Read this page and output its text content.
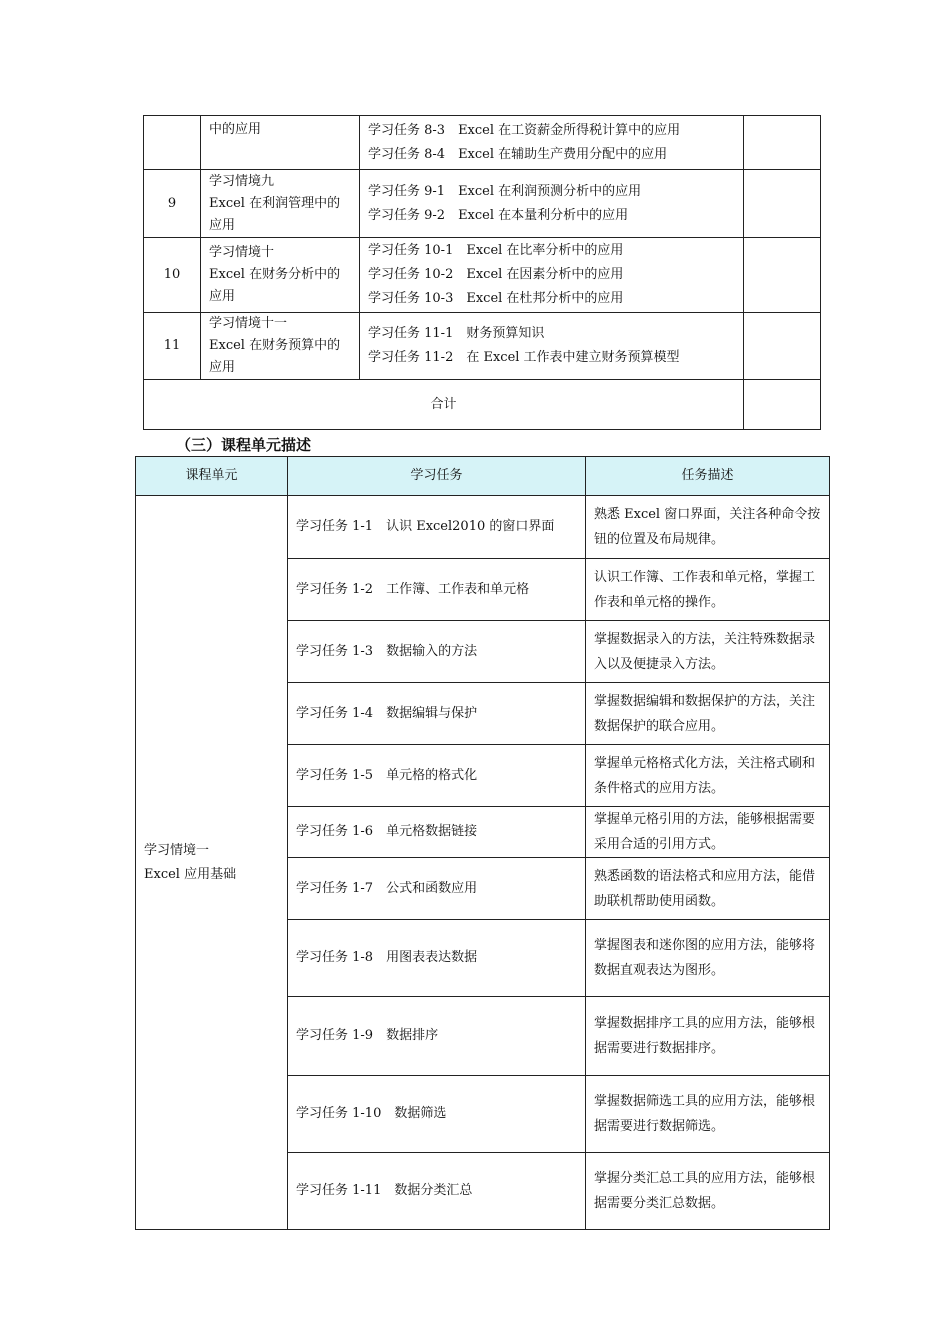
	中的应用	学习任务 8-3　Excel 在工资薪金所得税计算中的应用
学习任务 8-4　Excel 在辅助生产费用分配中的应用	

9	学习情境九
Excel 在利润管理中的
应用	学习任务 9-1　Excel 在利润预测分析中的应用
学习任务 9-2　Excel 在本量利分析中的应用	

10	学习情境十
Excel 在财务分析中的
应用	学习任务 10-1　Excel 在比率分析中的应用
学习任务 10-2　Excel 在因素分析中的应用
学习任务 10-3　Excel 在杜邦分析中的应用	

11	学习情境十一
Excel 在财务预算中的
应用	学习任务 11-1　财务预算知识
学习任务 11-2　在 Excel 工作表中建立财务预算模型	

合计			
（三）课程单元描述
课程单元	学习任务	任务描述

学习情境一
Excel 应用基础	学习任务 1-1　认识 Excel2010 的窗口界面	熟悉 Excel 窗口界面，关注各种命令按钮的位置及布局规律。
	学习任务 1-2　工作簿、工作表和单元格	认识工作簿、工作表和单元格，掌握工作表和单元格的操作。
	学习任务 1-3　数据输入的方法	掌握数据录入的方法，关注特殊数据录入以及便捷录入方法。
	学习任务 1-4　数据编辑与保护	掌握数据编辑和数据保护的方法，关注数据保护的联合应用。
	学习任务 1-5　单元格的格式化	掌握单元格格式化方法，关注格式刷和条件格式的应用方法。
	学习任务 1-6　单元格数据链接	掌握单元格引用的方法，能够根据需要采用合适的引用方式。
	学习任务 1-7　公式和函数应用	熟悉函数的语法格式和应用方法，能借助联机帮助使用函数。
	学习任务 1-8　用图表表达数据	掌握图表和迷你图的应用方法，能够将数据直观表达为图形。
	学习任务 1-9　数据排序	掌握数据排序工具的应用方法，能够根据需要进行数据排序。
	学习任务 1-10　数据筛选	掌握数据筛选工具的应用方法，能够根据需要进行数据筛选。
	学习任务 1-11　数据分类汇总	掌握分类汇总工具的应用方法，能够根据需要分类汇总数据。
